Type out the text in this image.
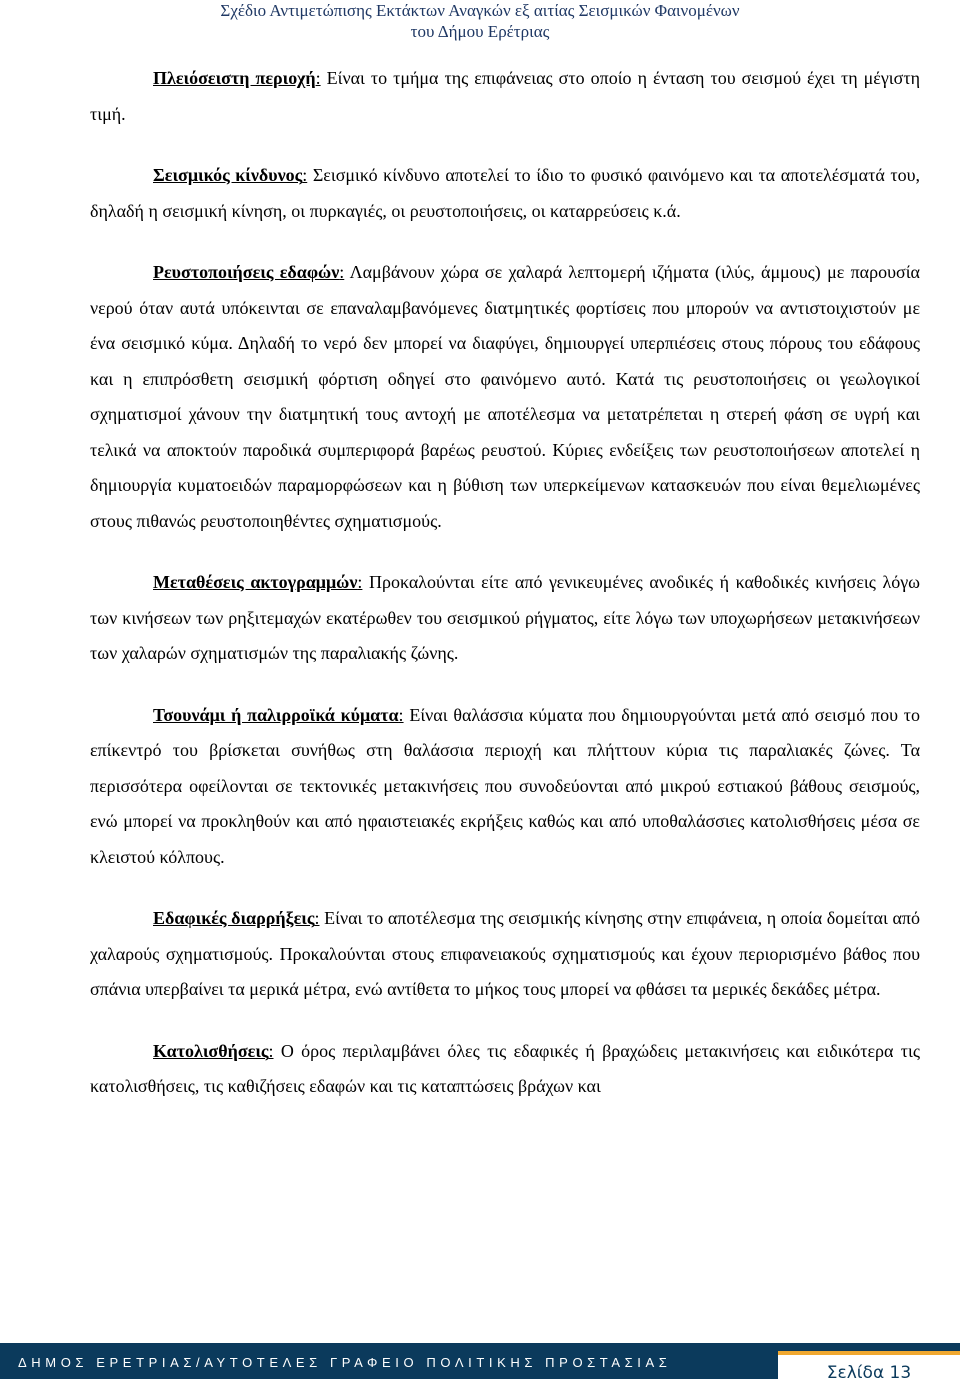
Σχέδιο Αντιμετώπισης Εκτάκτων Αναγκών εξ αιτίας Σεισμικών Φαινομένων
του Δήμου Ερέτριας

Πλειόσειστη περιοχή: Είναι το τμήμα της επιφάνειας στο οποίο η ένταση του σεισμού έχει τη μέγιστη τιμή.

Σεισμικός κίνδυνος: Σεισμικό κίνδυνο αποτελεί το ίδιο το φυσικό φαινόμενο και τα αποτελέσματά του, δηλαδή η σεισμική κίνηση, οι πυρκαγιές, οι ρευστοποιήσεις, οι καταρρεύσεις κ.ά.

Ρευστοποιήσεις εδαφών: Λαμβάνουν χώρα σε χαλαρά λεπτομερή ιζήματα (ιλύς, άμμους) με παρουσία νερού όταν αυτά υπόκεινται σε επαναλαμβανόμενες διατμητικές φορτίσεις που μπορούν να αντιστοιχιστούν με ένα σεισμικό κύμα. Δηλαδή το νερό δεν μπορεί να διαφύγει, δημιουργεί υπερπιέσεις στους πόρους του εδάφους και η επιπρόσθετη σεισμική φόρτιση οδηγεί στο φαινόμενο αυτό. Κατά τις ρευστοποιήσεις οι γεωλογικοί σχηματισμοί χάνουν την διατμητική τους αντοχή με αποτέλεσμα να μετατρέπεται η στερεή φάση σε υγρή και τελικά να αποκτούν παροδικά συμπεριφορά βαρέως ρευστού. Κύριες ενδείξεις των ρευστοποιήσεων αποτελεί η δημιουργία κυματοειδών παραμορφώσεων και η βύθιση των υπερκείμενων κατασκευών που είναι θεμελιωμένες στους πιθανώς ρευστοποιηθέντες σχηματισμούς.

Μεταθέσεις ακτογραμμών: Προκαλούνται είτε από γενικευμένες ανοδικές ή καθοδικές κινήσεις λόγω των κινήσεων των ρηξιτεμαχών εκατέρωθεν του σεισμικού ρήγματος, είτε λόγω των υποχωρήσεων μετακινήσεων των χαλαρών σχηματισμών της παραλιακής ζώνης.

Τσουνάμι ή παλιρροϊκά κύματα: Είναι θαλάσσια κύματα που δημιουργούνται μετά από σεισμό που το επίκεντρό του βρίσκεται συνήθως στη θαλάσσια περιοχή και πλήττουν κύρια τις παραλιακές ζώνες. Τα περισσότερα οφείλονται σε τεκτονικές μετακινήσεις που συνοδεύονται από μικρού εστιακού βάθους σεισμούς, ενώ μπορεί να προκληθούν και από ηφαιστειακές εκρήξεις καθώς και από υποθαλάσσιες κατολισθήσεις μέσα σε κλειστού κόλπους.

Εδαφικές διαρρήξεις: Είναι το αποτέλεσμα της σεισμικής κίνησης στην επιφάνεια, η οποία δομείται από χαλαρούς σχηματισμούς. Προκαλούνται στους επιφανειακούς σχηματισμούς και έχουν περιορισμένο βάθος που σπάνια υπερβαίνει τα μερικά μέτρα, ενώ αντίθετα το μήκος τους μπορεί να φθάσει τα μερικές δεκάδες μέτρα.

Κατολισθήσεις: Ο όρος περιλαμβάνει όλες τις εδαφικές ή βραχώδεις μετακινήσεις και ειδικότερα τις κατολισθήσεις, τις καθιζήσεις εδαφών και τις καταπτώσεις βράχων και

ΔΗΜΟΣ ΕΡΕΤΡΙΑΣ/ΑΥΤΟΤΕΛΕΣ ΓΡΑΦΕΙΟ ΠΟΛΙΤΙΚΗΣ ΠΡΟΣΤΑΣΙΑΣ
Σελίδα 13
